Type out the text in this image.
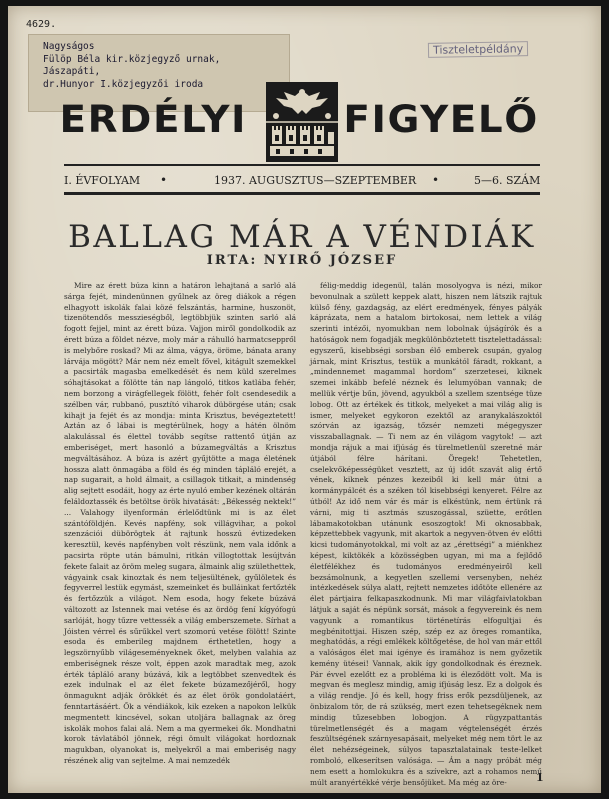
4629.
Nagyságos
Fülöp Béla kir.közjegyző urnak,
Jászapáti,
dr.Hunyor I.közjegyzői iroda
Tiszteletpéldány
ERDÉLYI	FIGYELŐ
I. ÉVFOLYAM •	1937. AUGUSZTUS—SZEPTEMBER •	5—6. SZÁM
BALLAG MÁR A VÉNDIÁK
IRTA: NYIRŐ JÓZSEF

Mire az érett búza kinn a határon lehajtaná a sarló alá sárga fejét, mindenünnen gyűlnek az öreg diákok a régen elhagyott iskolák falai közé felszántás, harmine, huszonöt, tizenötendős messzieségből, legtöbbjük szinten sarló alá fogott fejjel, mint az érett búza. Vajjon miről gondolkodik az érett búza a földet nézve, moly már a ráhulló harmatcseppről is melybőre roskad? Mi az álma, vágya, öröme, bánata arany lárvája mögött? Már nem néz emelt fővel, kitágult szemekkel a pacsirták magasba emelkedését és nem küld szerelmes sóhajtásokat a fölötte tán nap lángoló, titkos katlába fehér, nem borzong a virágfellegek fölött, fehér folt csendesedik a szélben vár, rubbanó, pusztító viharok dübörgése után; csak kihajt ja fejét és az mondja: minta Krisztus, bevégeztetett! Aztán az ő lábai is megtérülnek, hogy a hátén ölnöm alakulással és élettel tovább segítse rattentő útján az emberiséget, mert hasonló a búzamegváltás a Krisztus megváltásához. A búza is azért gyűjtötte a maga életének hossza alatt önmagába a föld és ég minden tápláló erejét, a nap sugarait, a hold álmait, a csillagok titkait, a mindenség alig sejtett esodáit, hogy az érte nyuló ember kezének oltárán feláldoztassék és betöltse örök hivatását: „Békesség nektek!” ... Valahogy ilyenformán érlelődtünk mi is az élet szántóföldjén. Kevés napfény, sok villágvihar, a pokol szenzációi dübörögtek át rajtunk hosszú évtizedeken keresztül, kevés napfényben volt részünk, nem vala időnk a pacsirta röpte után bámulni, ritkán villogtottak lesújtván fekete falait az öröm meleg sugara, álmaink alig születhettek, vágyaink csak kinoztak és nem teljesültének, gyűlöletek és fegyverrel lestük egymást, szemeinket és bulláinkat fertőzték és fertőzzük a világot. Nem esoda, hogy fekete búzává változott az Istennek mai vetése és az ördög fení kígyófogú sarlóját, hogy tűzre vettessék a világ emberszemete. Sírhat a Jóisten vérrel és sűrűkkel vert szomorú vetése fölött! Szinte esoda és emberileg majdnem érthetetlen, hogy a legszörnyűbb világeseményeknek őket, melyben valahia az emberiségnek része volt, éppen azok maradtak meg, azok érték tápláló arany búzává, kik a legtöbbet szenvedtek és ezek indulnak el az élet fekete búzamezőjéről, hogy önmaguknt adják örökkét és az élet örök gondolatáért, fenntartásáért. Ők a véndiákok, kik ezeken a napokon lelkük megmentett kincsével, sokan utoljára ballagnak az öreg iskolák mohos falai alá. Nem a ma gyermekei ők. Mondhatni korok távlatából jönnek, régi ömult világokat hordoznak magukban, olyanokat is, melyekről a mai emberiség nagy részének alig van sejtelme. A mai nemzedék

félig-meddig idegenül, talán mosolyogva is nézi, mikor bevonulnak a születt keppek alatt, hiszen nem látszik rajtuk külső fény, gazdagság, az elért eredmények, fényes pályák káprázata, nem a hatalom birtokosai, nem lettek a világ szerinti intézői, nyomukban nem lobolnak újságírók és a hatóságok nem fogadják megkülönböztetett tisztelettadással: egyszerű, kisebbségi sorsban élő emberek csupán, gyalog járnak, mint Krisztus, testük a munkától fáradt, rokkant, a „mindennemet magammal hordom” szerzetesei, kiknek szemei inkább befelé néznek és lelumyóban vannak; de mellük vértje bűn, jövend, agyukból a szellem szentsége tüze lobog. Ott az értékek és titkok, melyeket a mai világ alig is ismer, melyeket egykoron ezektől az aranykalászoktól szórván az igazság, tőzsér nemzeti mégegyszer visszaballagnak. — Ti nem az én világom vagytok! — azt mondja rájuk a mai ifjúság és türelmetlenül szeretné már útjából félre hárítani. Öregek! Tehetetlen, cselekvőképességüket vesztett, az új időt szavát alig értő vének, kiknek pénzes kezeiből ki kell már ütni a kormánypálcét és a széken tól kisebbségi kenyeret. Félre az útból! Az idő nem vár és már is elkéstünk, nem értünk rá várni, mig ti asztmás szuszogással, szüette, erőtlen lábamakotokban utánunk esoszogtok! Mi oknosabbak, képzettebbek vagyunk, mit akartok a negyven-ötven év előtti kicsi tudományotokkal, mi volt az az „érettségi” a miénkhez képest, kiktökék a közösségben ugyan, mi ma a fejlődő életfélékhez és tudományos eredményeiről kell bezsámolnunk, a kegyetlen szellemi versenyben, nehéz intézkedések súlya alatt, rejtett nemzetes időtöte ellenére az élet pártjaira felkapaszkodnunk. Mi mar világfaivlatokban látjuk a saját és népünk sorsát, mások a fegyvereink és nem vagyunk a romantikus történetírás elfogultjai és megbénitottjai. Hiszen szép, szép ez az öreges romantika, meghatódás, a régi emlékek költőgetése, de hol van már ettől a valóságos élet mai igénye és iramához is nem győzetik kemény ütései! Vannak, akik így gondolkodnak és éreznek. Pár évvel ezelőtt ez a probléma ki is éleződött volt. Ma is megvan és meglesz mindig, amig ifjúság lesz. Ez a dolgok és a világ rendje. Jó és kell, hogy friss erők pezsdüljenek, az önbizalom tör, de rá szükség, mert ezen tehetsegéknek nem mindig tűzesebben lobogjon. A rügyzpattantás türelmetlenségét és a magam végtelenségét érzés feszültségének szárnyesapásait, melyeket még nem tört le az élet nehézségeinek, súlyos tapasztalatainak teste-lelket romboló, elkeserítsen valósága. — Ám a nagy próbát még nem esett a homlokukra és a szívekre, azt a rohamos nemű múlt aranyértékké vérje bensőjüket. Ma még az öre-	1
